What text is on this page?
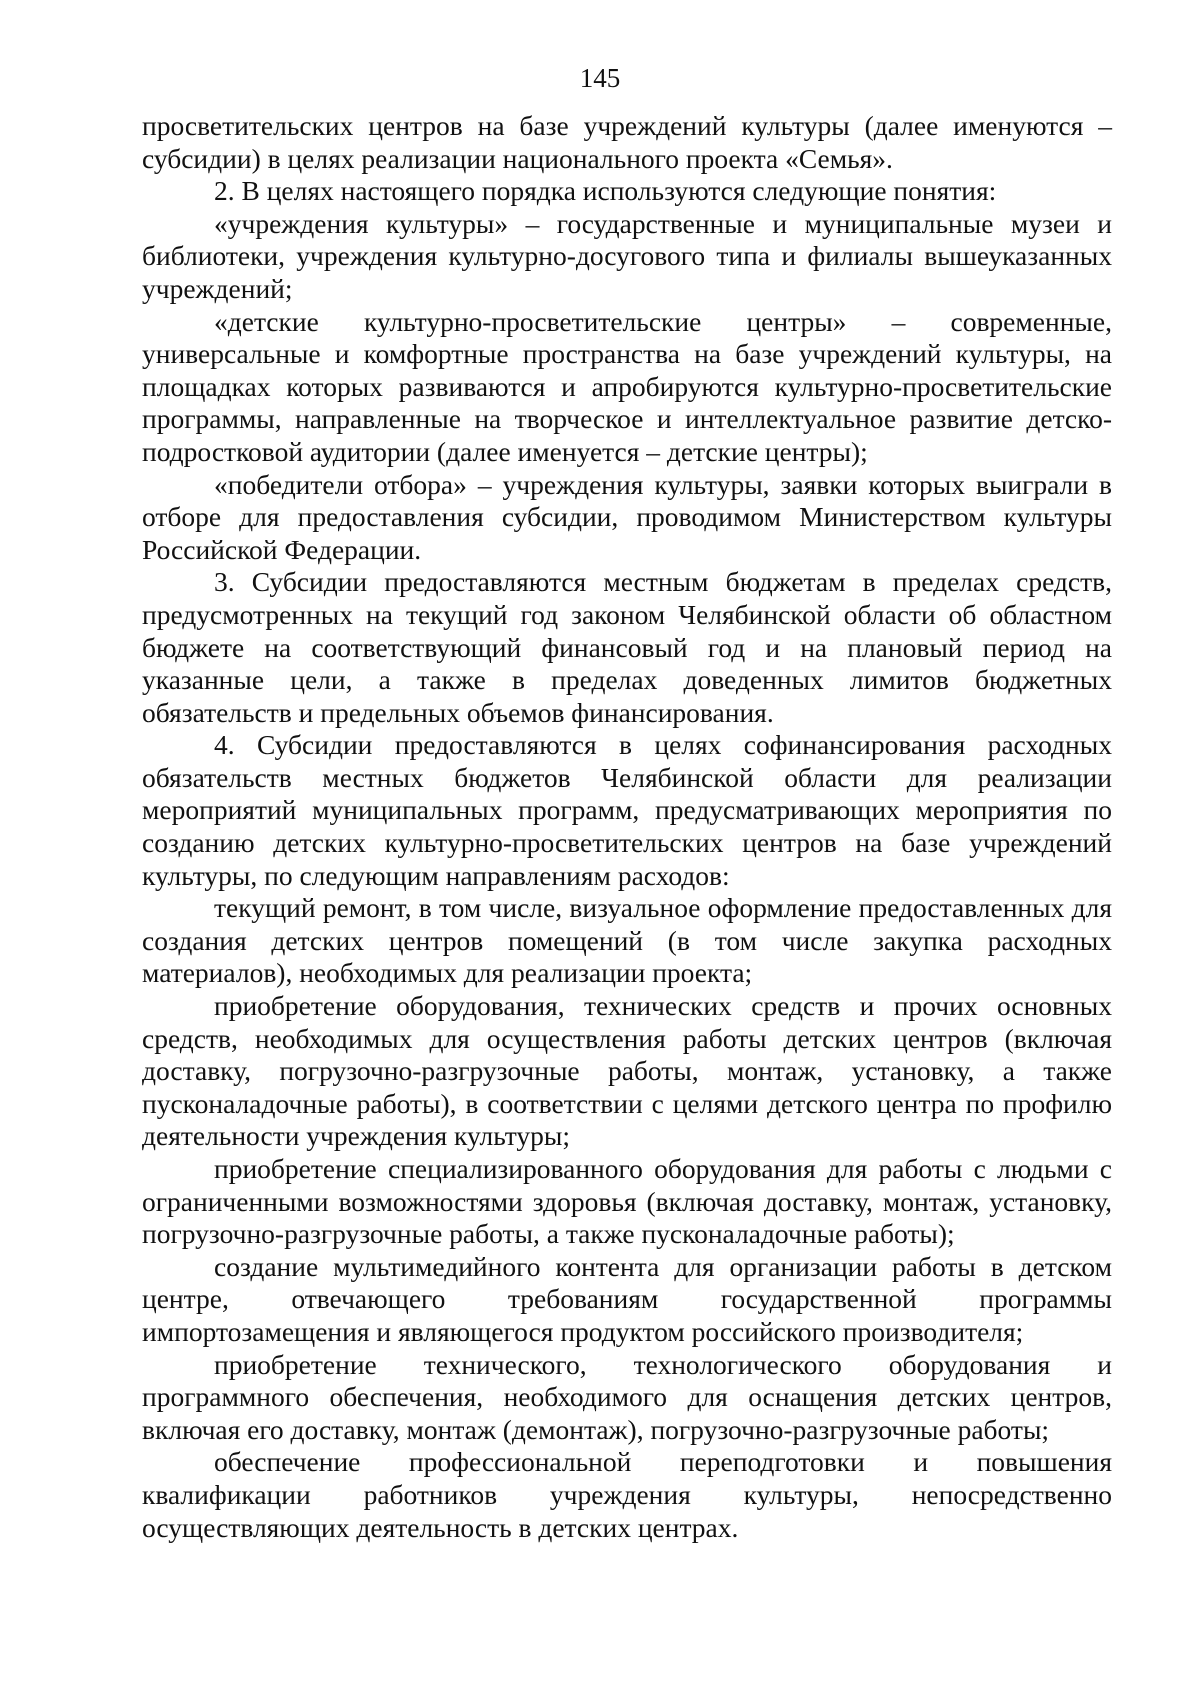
145

просветительских центров на базе учреждений культуры (далее именуются – субсидии) в целях реализации национального проекта «Семья».

2. В целях настоящего порядка используются следующие понятия:

«учреждения культуры» – государственные и муниципальные музеи и библиотеки, учреждения культурно-досугового типа и филиалы вышеуказанных учреждений;

«детские культурно-просветительские центры» – современные, универсальные и комфортные пространства на базе учреждений культуры, на площадках которых развиваются и апробируются культурно-просветительские программы, направленные на творческое и интеллектуальное развитие детско-подростковой аудитории (далее именуется – детские центры);

«победители отбора» – учреждения культуры, заявки которых выиграли в отборе для предоставления субсидии, проводимом Министерством культуры Российской Федерации.

3. Субсидии предоставляются местным бюджетам в пределах средств, предусмотренных на текущий год законом Челябинской области об областном бюджете на соответствующий финансовый год и на плановый период на указанные цели, а также в пределах доведенных лимитов бюджетных обязательств и предельных объемов финансирования.

4. Субсидии предоставляются в целях софинансирования расходных обязательств местных бюджетов Челябинской области для реализации мероприятий муниципальных программ, предусматривающих мероприятия по созданию детских культурно-просветительских центров на базе учреждений культуры, по следующим направлениям расходов:

текущий ремонт, в том числе, визуальное оформление предоставленных для создания детских центров помещений (в том числе закупка расходных материалов), необходимых для реализации проекта;

приобретение оборудования, технических средств и прочих основных средств, необходимых для осуществления работы детских центров (включая доставку, погрузочно-разгрузочные работы, монтаж, установку, а также пусконаладочные работы), в соответствии с целями детского центра по профилю деятельности учреждения культуры;

приобретение специализированного оборудования для работы с людьми с ограниченными возможностями здоровья (включая доставку, монтаж, установку, погрузочно-разгрузочные работы, а также пусконаладочные работы);

создание мультимедийного контента для организации работы в детском центре, отвечающего требованиям государственной программы импортозамещения и являющегося продуктом российского производителя;

приобретение технического, технологического оборудования и программного обеспечения, необходимого для оснащения детских центров, включая его доставку, монтаж (демонтаж), погрузочно-разгрузочные работы;

обеспечение профессиональной переподготовки и повышения квалификации работников учреждения культуры, непосредственно осуществляющих деятельность в детских центрах.
